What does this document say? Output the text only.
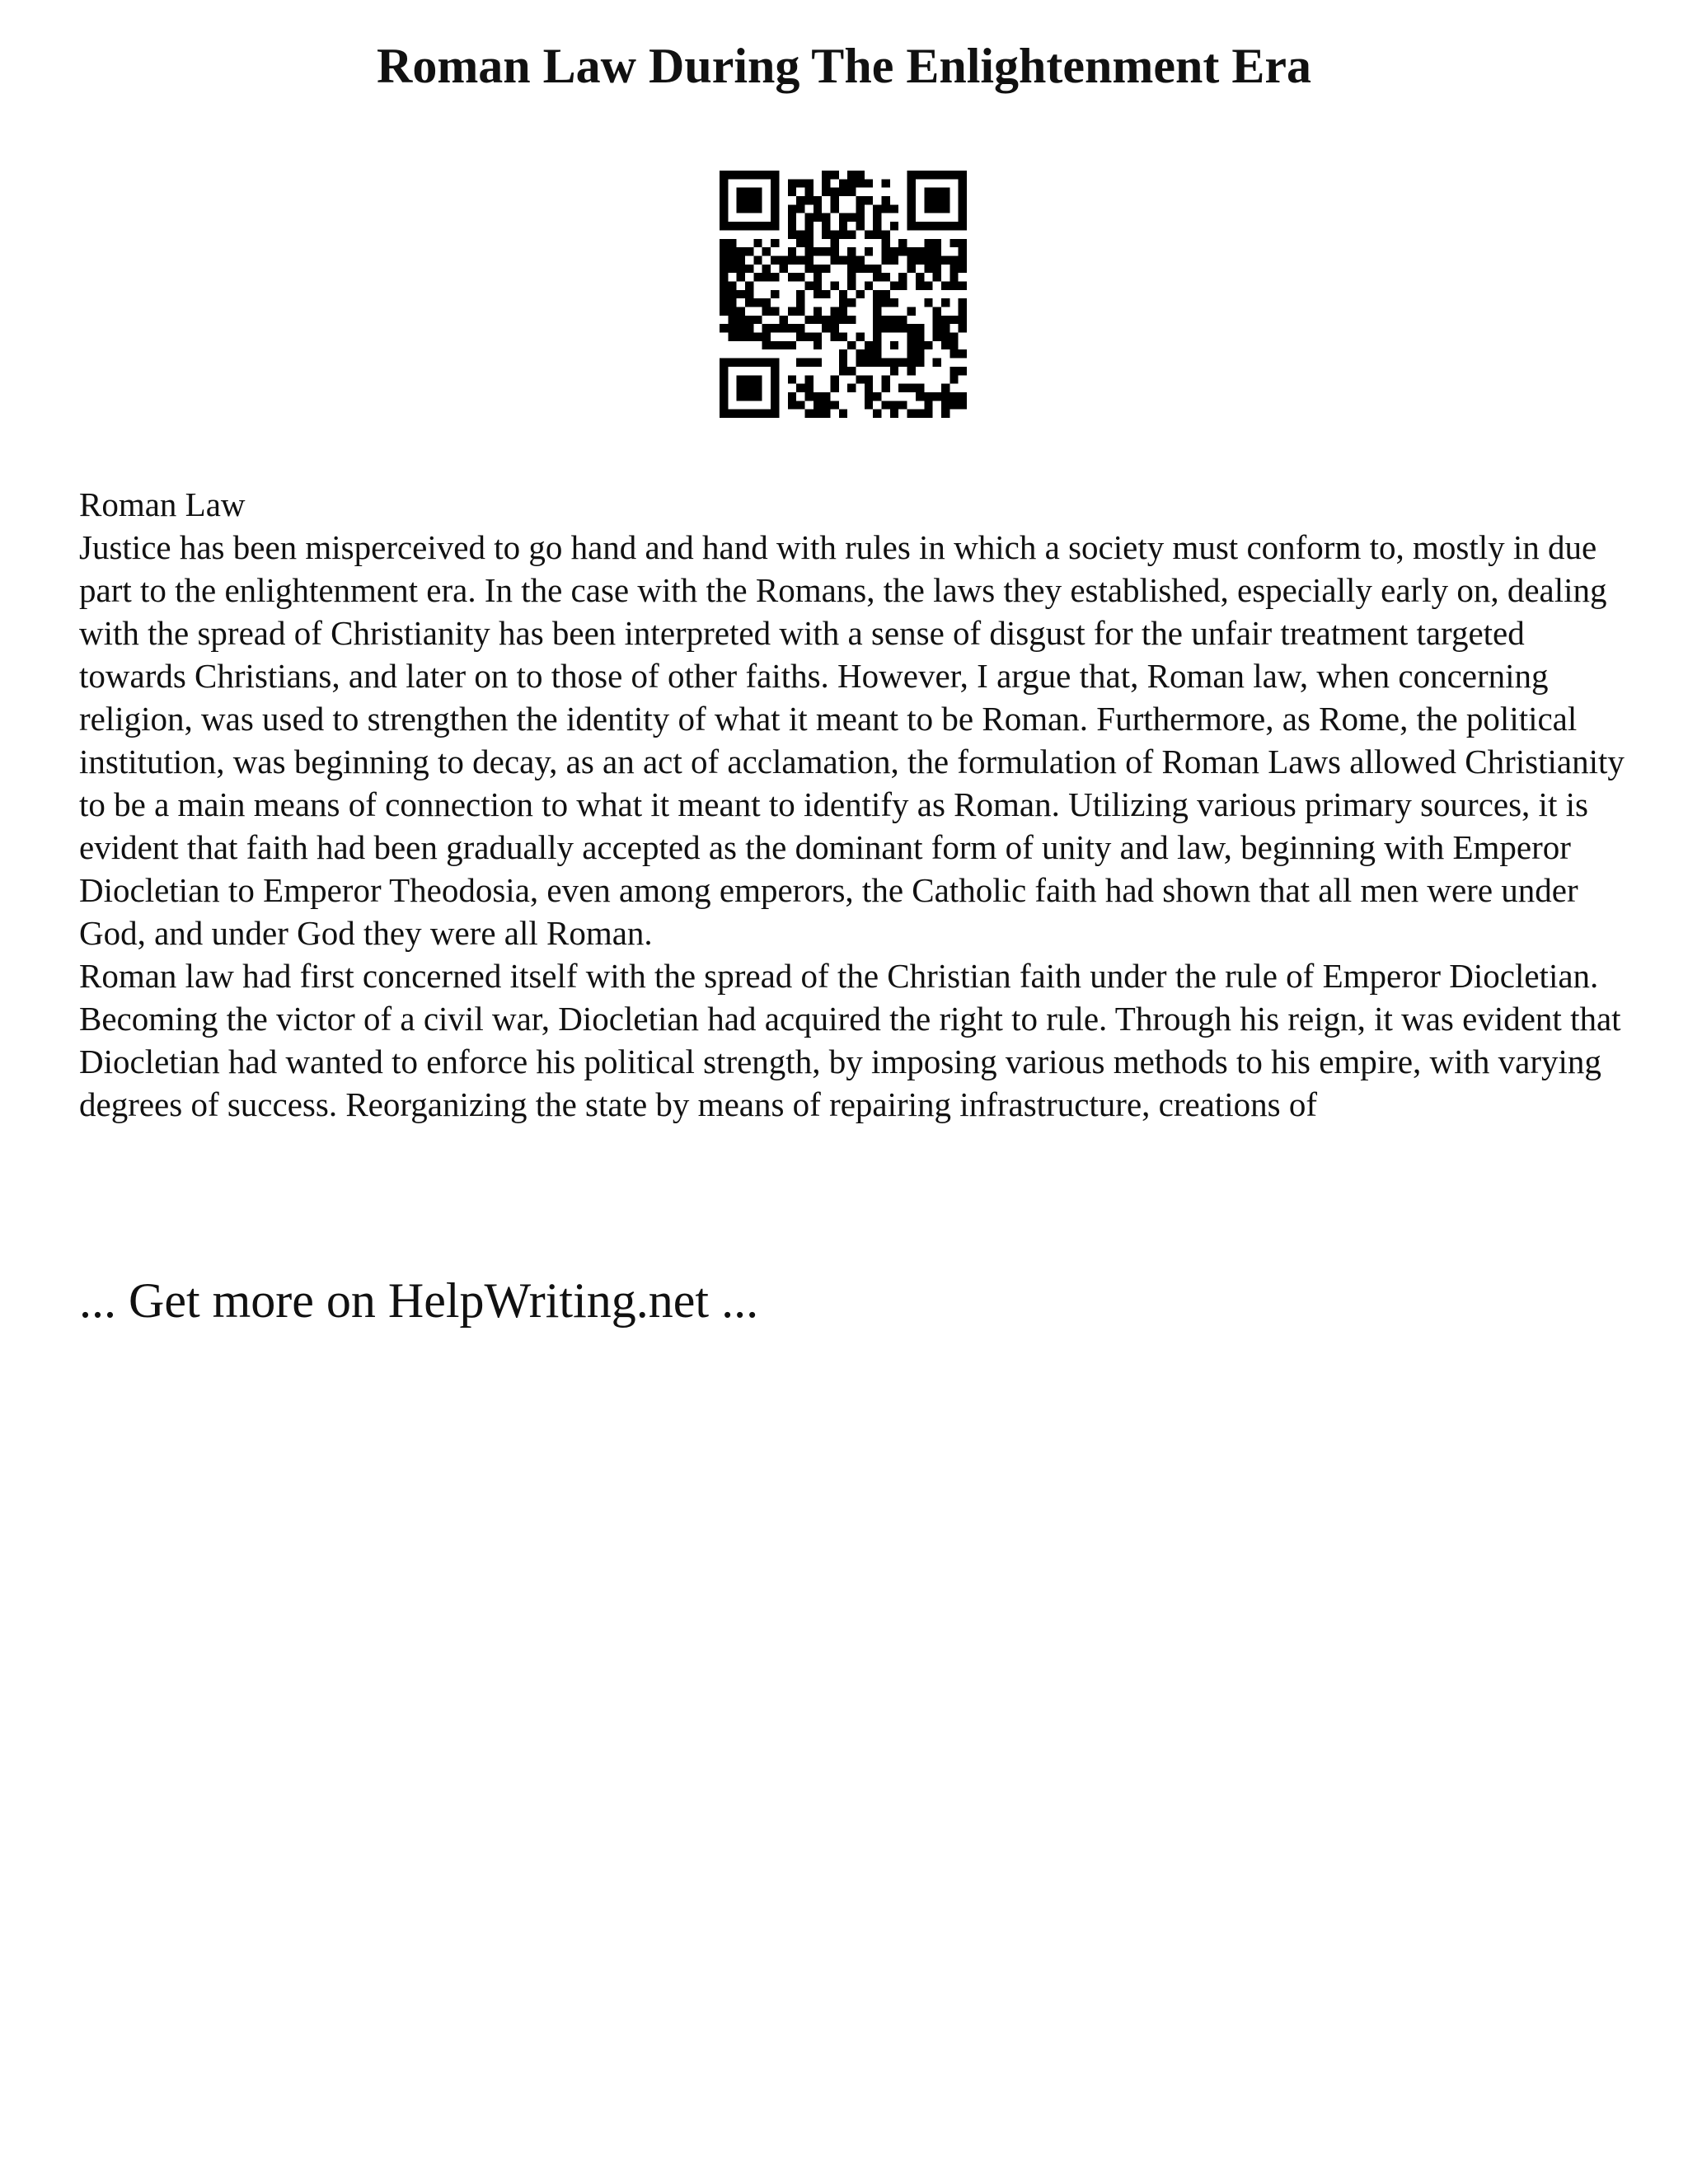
Roman Law During The Enlightenment Era

Roman Law

Justice has been misperceived to go hand and hand with rules in which a society must conform to, mostly in due part to the enlightenment era. In the case with the Romans, the laws they established, especially early on, dealing with the spread of Christianity has been interpreted with a sense of disgust for the unfair treatment targeted towards Christians, and later on to those of other faiths. However, I argue that, Roman law, when concerning religion, was used to strengthen the identity of what it meant to be Roman. Furthermore, as Rome, the political institution, was beginning to decay, as an act of acclamation, the formulation of Roman Laws allowed Christianity to be a main means of connection to what it meant to identify as Roman. Utilizing various primary sources, it is evident that faith had been gradually accepted as the dominant form of unity and law, beginning with Emperor Diocletian to Emperor Theodosia, even among emperors, the Catholic faith had shown that all men were under God, and under God they were all Roman.

Roman law had first concerned itself with the spread of the Christian faith under the rule of Emperor Diocletian. Becoming the victor of a civil war, Diocletian had acquired the right to rule. Through his reign, it was evident that Diocletian had wanted to enforce his political strength, by imposing various methods to his empire, with varying degrees of success. Reorganizing the state by means of repairing infrastructure, creations of

... Get more on HelpWriting.net ...
